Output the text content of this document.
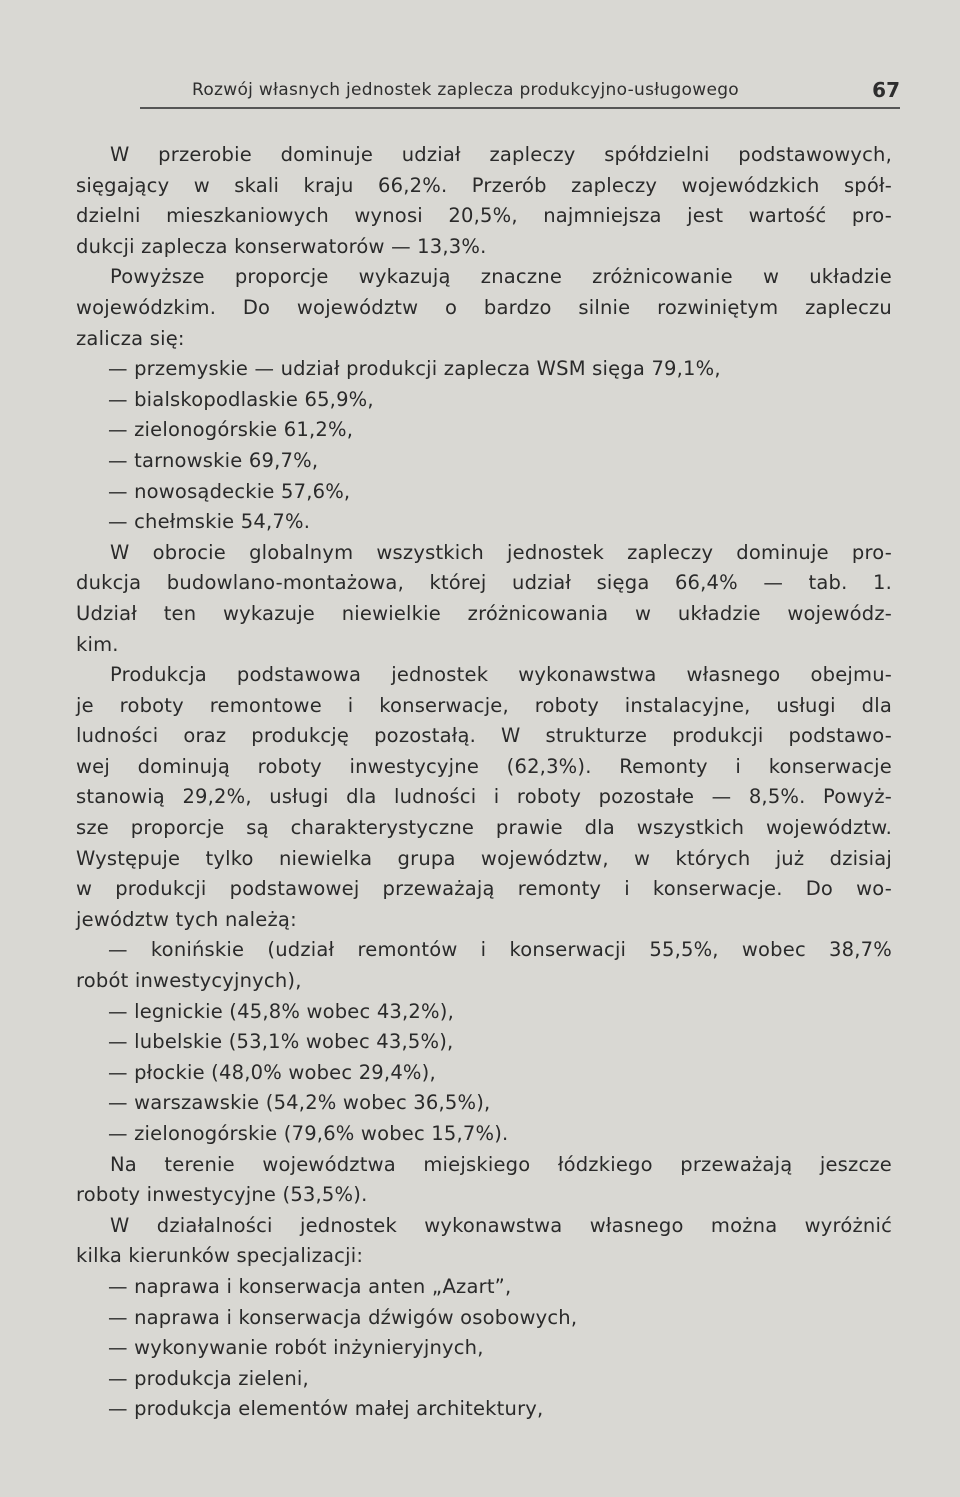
Rozwój własnych jednostek zaplecza produkcyjno-usługowego	67
W przerobie dominuje udział zapleczy spółdzielni podstawowych,
sięgający w skali kraju 66,2%. Przerób zapleczy wojewódzkich spół-
dzielni mieszkaniowych wynosi 20,5%, najmniejsza jest wartość pro-
dukcji zaplecza konserwatorów — 13,3%.
Powyższe proporcje wykazują znaczne zróżnicowanie w układzie
wojewódzkim. Do województw o bardzo silnie rozwiniętym zapleczu
zalicza się:
— przemyskie — udział produkcji zaplecza WSM sięga 79,1%,
— bialskopodlaskie 65,9%,
— zielonogórskie 61,2%,
— tarnowskie 69,7%,
— nowosądeckie 57,6%,
— chełmskie 54,7%.
W obrocie globalnym wszystkich jednostek zapleczy dominuje pro-
dukcja budowlano-montażowa, której udział sięga 66,4% — tab. 1.
Udział ten wykazuje niewielkie zróżnicowania w układzie wojewódz-
kim.
Produkcja podstawowa jednostek wykonawstwa własnego obejmu-
je roboty remontowe i konserwacje, roboty instalacyjne, usługi dla
ludności oraz produkcję pozostałą. W strukturze produkcji podstawo-
wej dominują roboty inwestycyjne (62,3%). Remonty i konserwacje
stanowią 29,2%, usługi dla ludności i roboty pozostałe — 8,5%. Powyż-
sze proporcje są charakterystyczne prawie dla wszystkich województw.
Występuje tylko niewielka grupa województw, w których już dzisiaj
w produkcji podstawowej przeważają remonty i konserwacje. Do wo-
jewództw tych należą:
— konińskie (udział remontów i konserwacji 55,5%, wobec 38,7%
robót inwestycyjnych),
— legnickie (45,8% wobec 43,2%),
— lubelskie (53,1% wobec 43,5%),
— płockie (48,0% wobec 29,4%),
— warszawskie (54,2% wobec 36,5%),
— zielonogórskie (79,6% wobec 15,7%).
Na terenie województwa miejskiego łódzkiego przeważają jeszcze
roboty inwestycyjne (53,5%).
W działalności jednostek wykonawstwa własnego można wyróżnić
kilka kierunków specjalizacji:
— naprawa i konserwacja anten „Azart”,
— naprawa i konserwacja dźwigów osobowych,
— wykonywanie robót inżynieryjnych,
— produkcja zieleni,
— produkcja elementów małej architektury,
